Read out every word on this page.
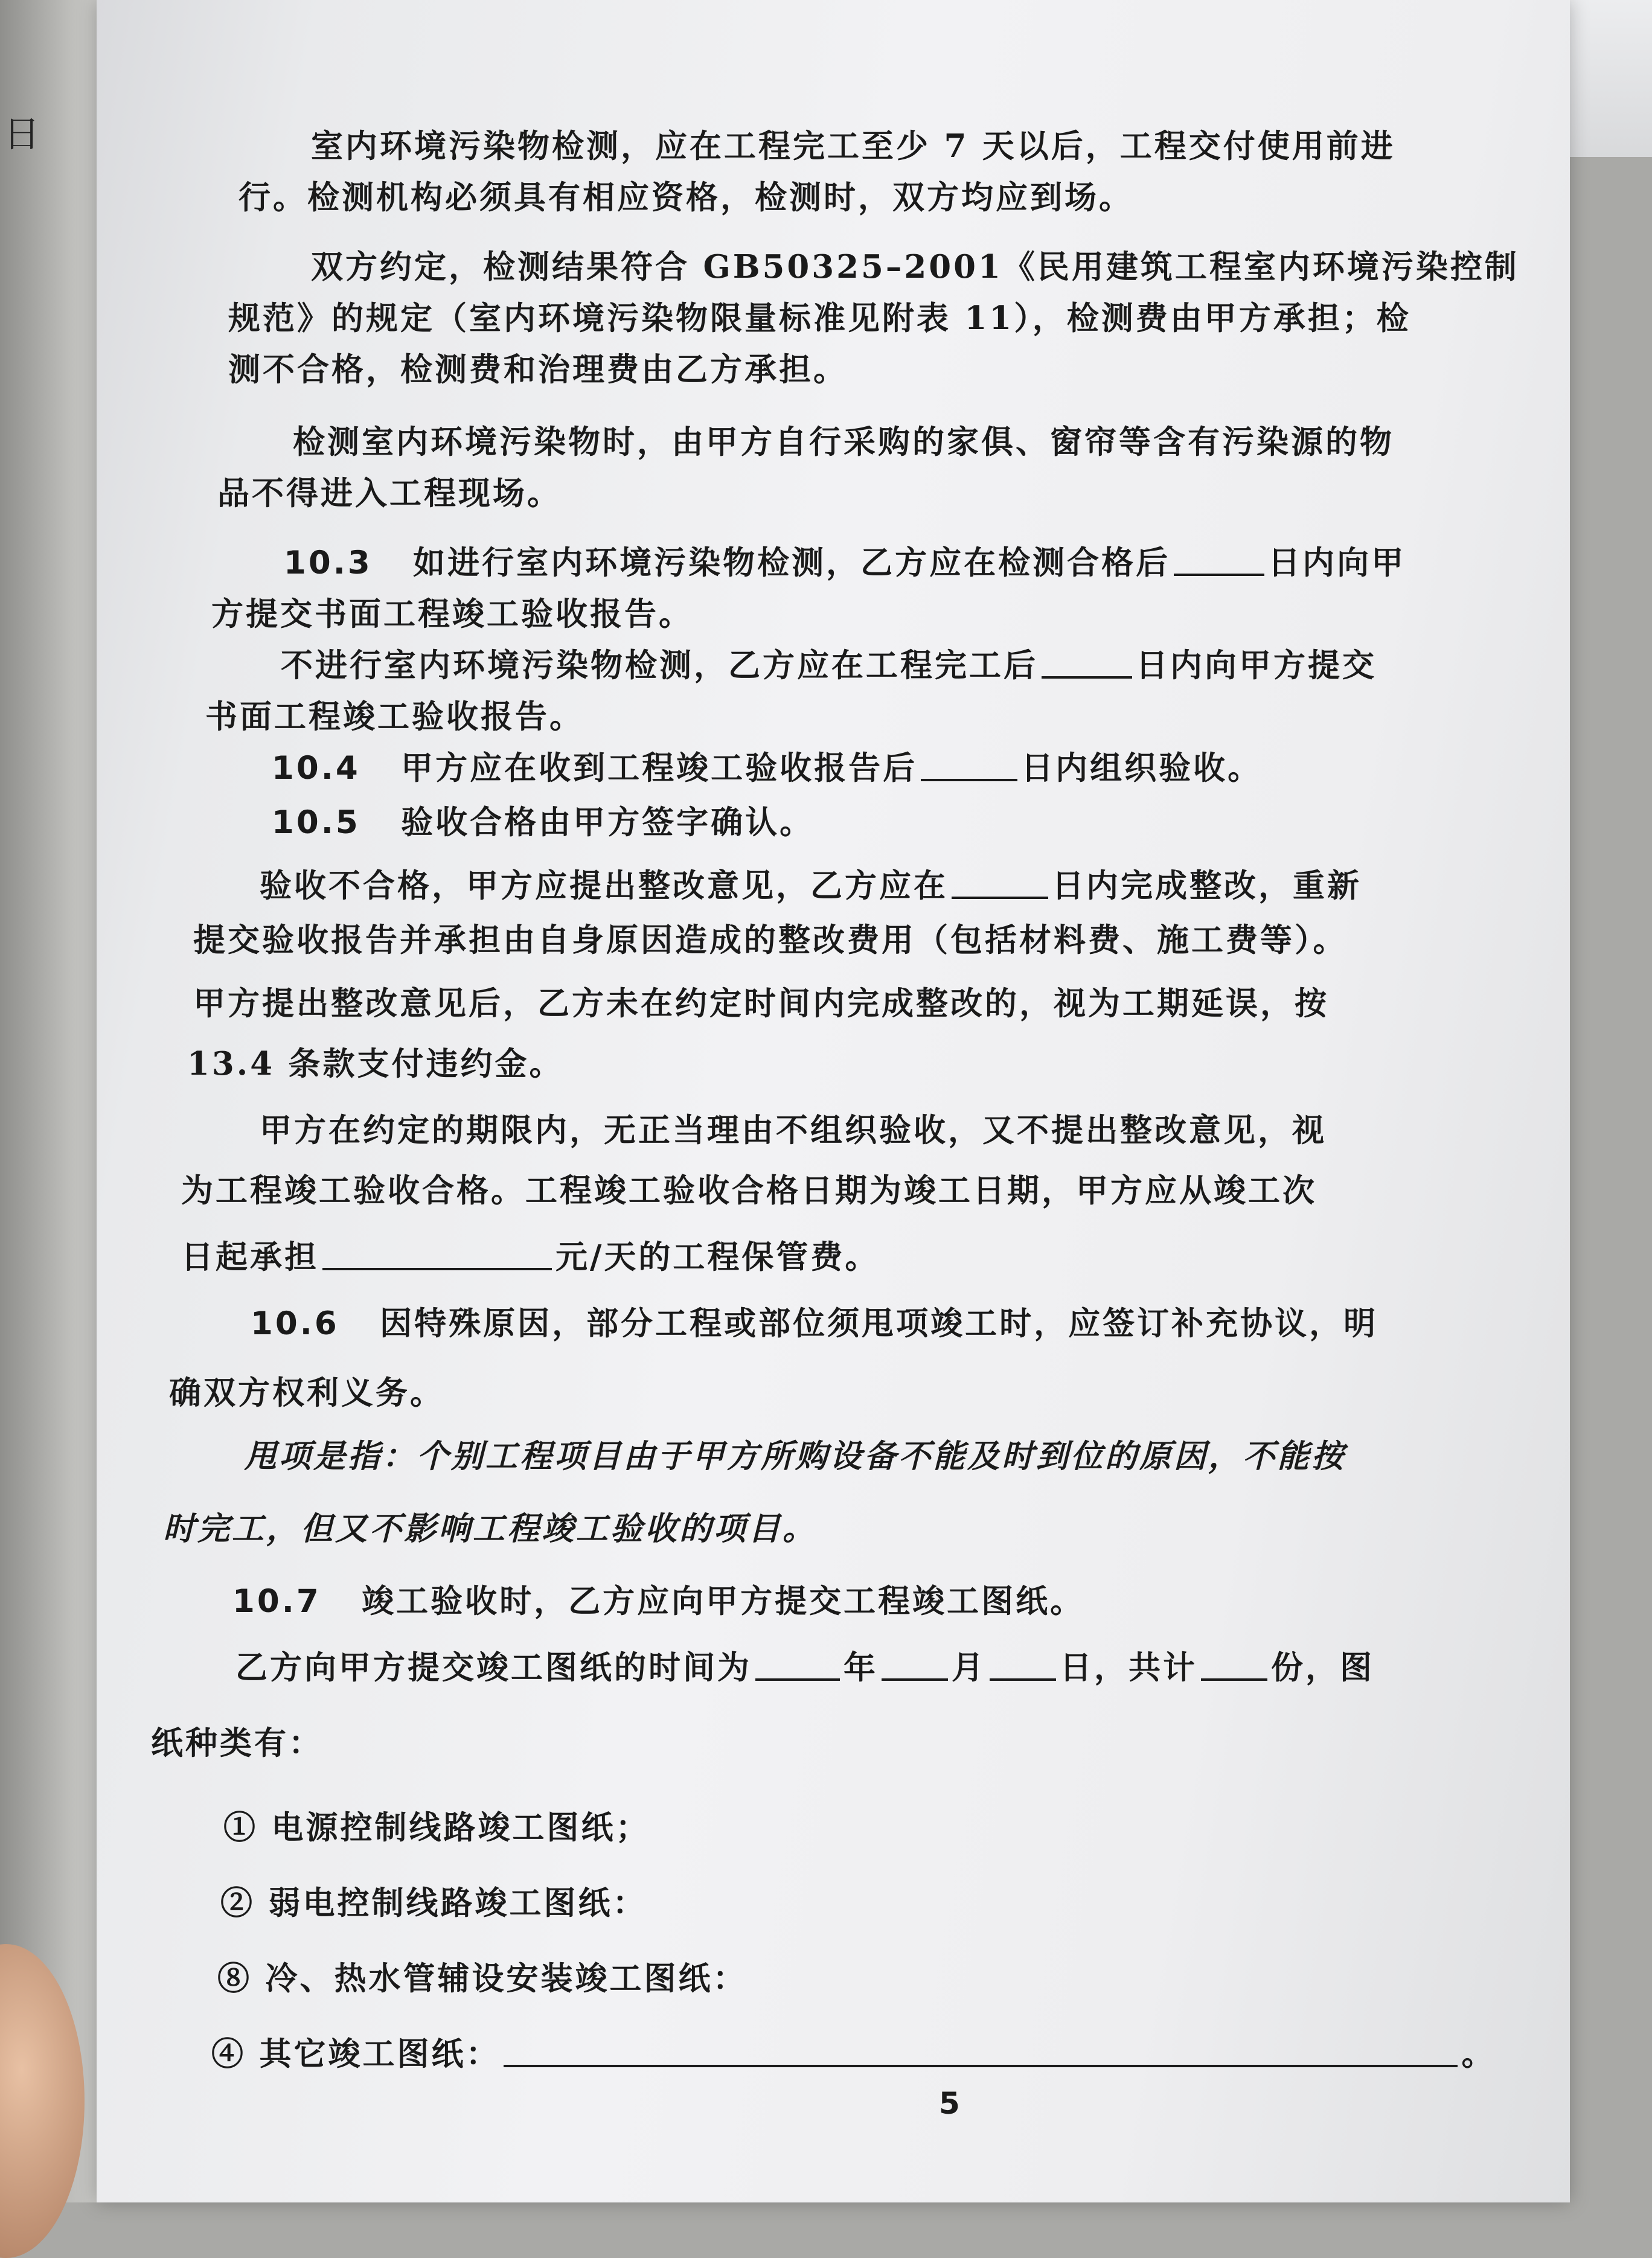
日	室内环境污染物检测，应在工程完工至少 7 天以后，工程交付使用前进
行。检测机构必须具有相应资格，检测时，双方均应到场。
双方约定，检测结果符合 GB50325–2001《民用建筑工程室内环境污染控制
规范》的规定（室内环境污染物限量标准见附表 11），检测费由甲方承担；检
测不合格，检测费和治理费由乙方承担。
检测室内环境污染物时，由甲方自行采购的家俱、窗帘等含有污染源的物
品不得进入工程现场。
10.3 如进行室内环境污染物检测，乙方应在检测合格后	日内向甲
方提交书面工程竣工验收报告。
不进行室内环境污染物检测，乙方应在工程完工后	日内向甲方提交
书面工程竣工验收报告。
10.4 甲方应在收到工程竣工验收报告后	日内组织验收。
10.5 验收合格由甲方签字确认。
验收不合格，甲方应提出整改意见，乙方应在	日内完成整改，重新
提交验收报告并承担由自身原因造成的整改费用（包括材料费、施工费等）。
甲方提出整改意见后，乙方未在约定时间内完成整改的，视为工期延误，按
13.4 条款支付违约金。
甲方在约定的期限内，无正当理由不组织验收，又不提出整改意见，视
为工程竣工验收合格。工程竣工验收合格日期为竣工日期，甲方应从竣工次
日起承担	元/天的工程保管费。
10.6 因特殊原因，部分工程或部位须甩项竣工时，应签订补充协议，明
确双方权利义务。
甩项是指：个别工程项目由于甲方所购设备不能及时到位的原因，不能按
时完工，但又不影响工程竣工验收的项目。
10.7 竣工验收时，乙方应向甲方提交工程竣工图纸。
乙方向甲方提交竣工图纸的时间为	年 月 日，共计 份，图
纸种类有：
① 电源控制线路竣工图纸；
② 弱电控制线路竣工图纸：
⑧ 冷、热水管辅设安装竣工图纸：
④ 其它竣工图纸：	。
5
